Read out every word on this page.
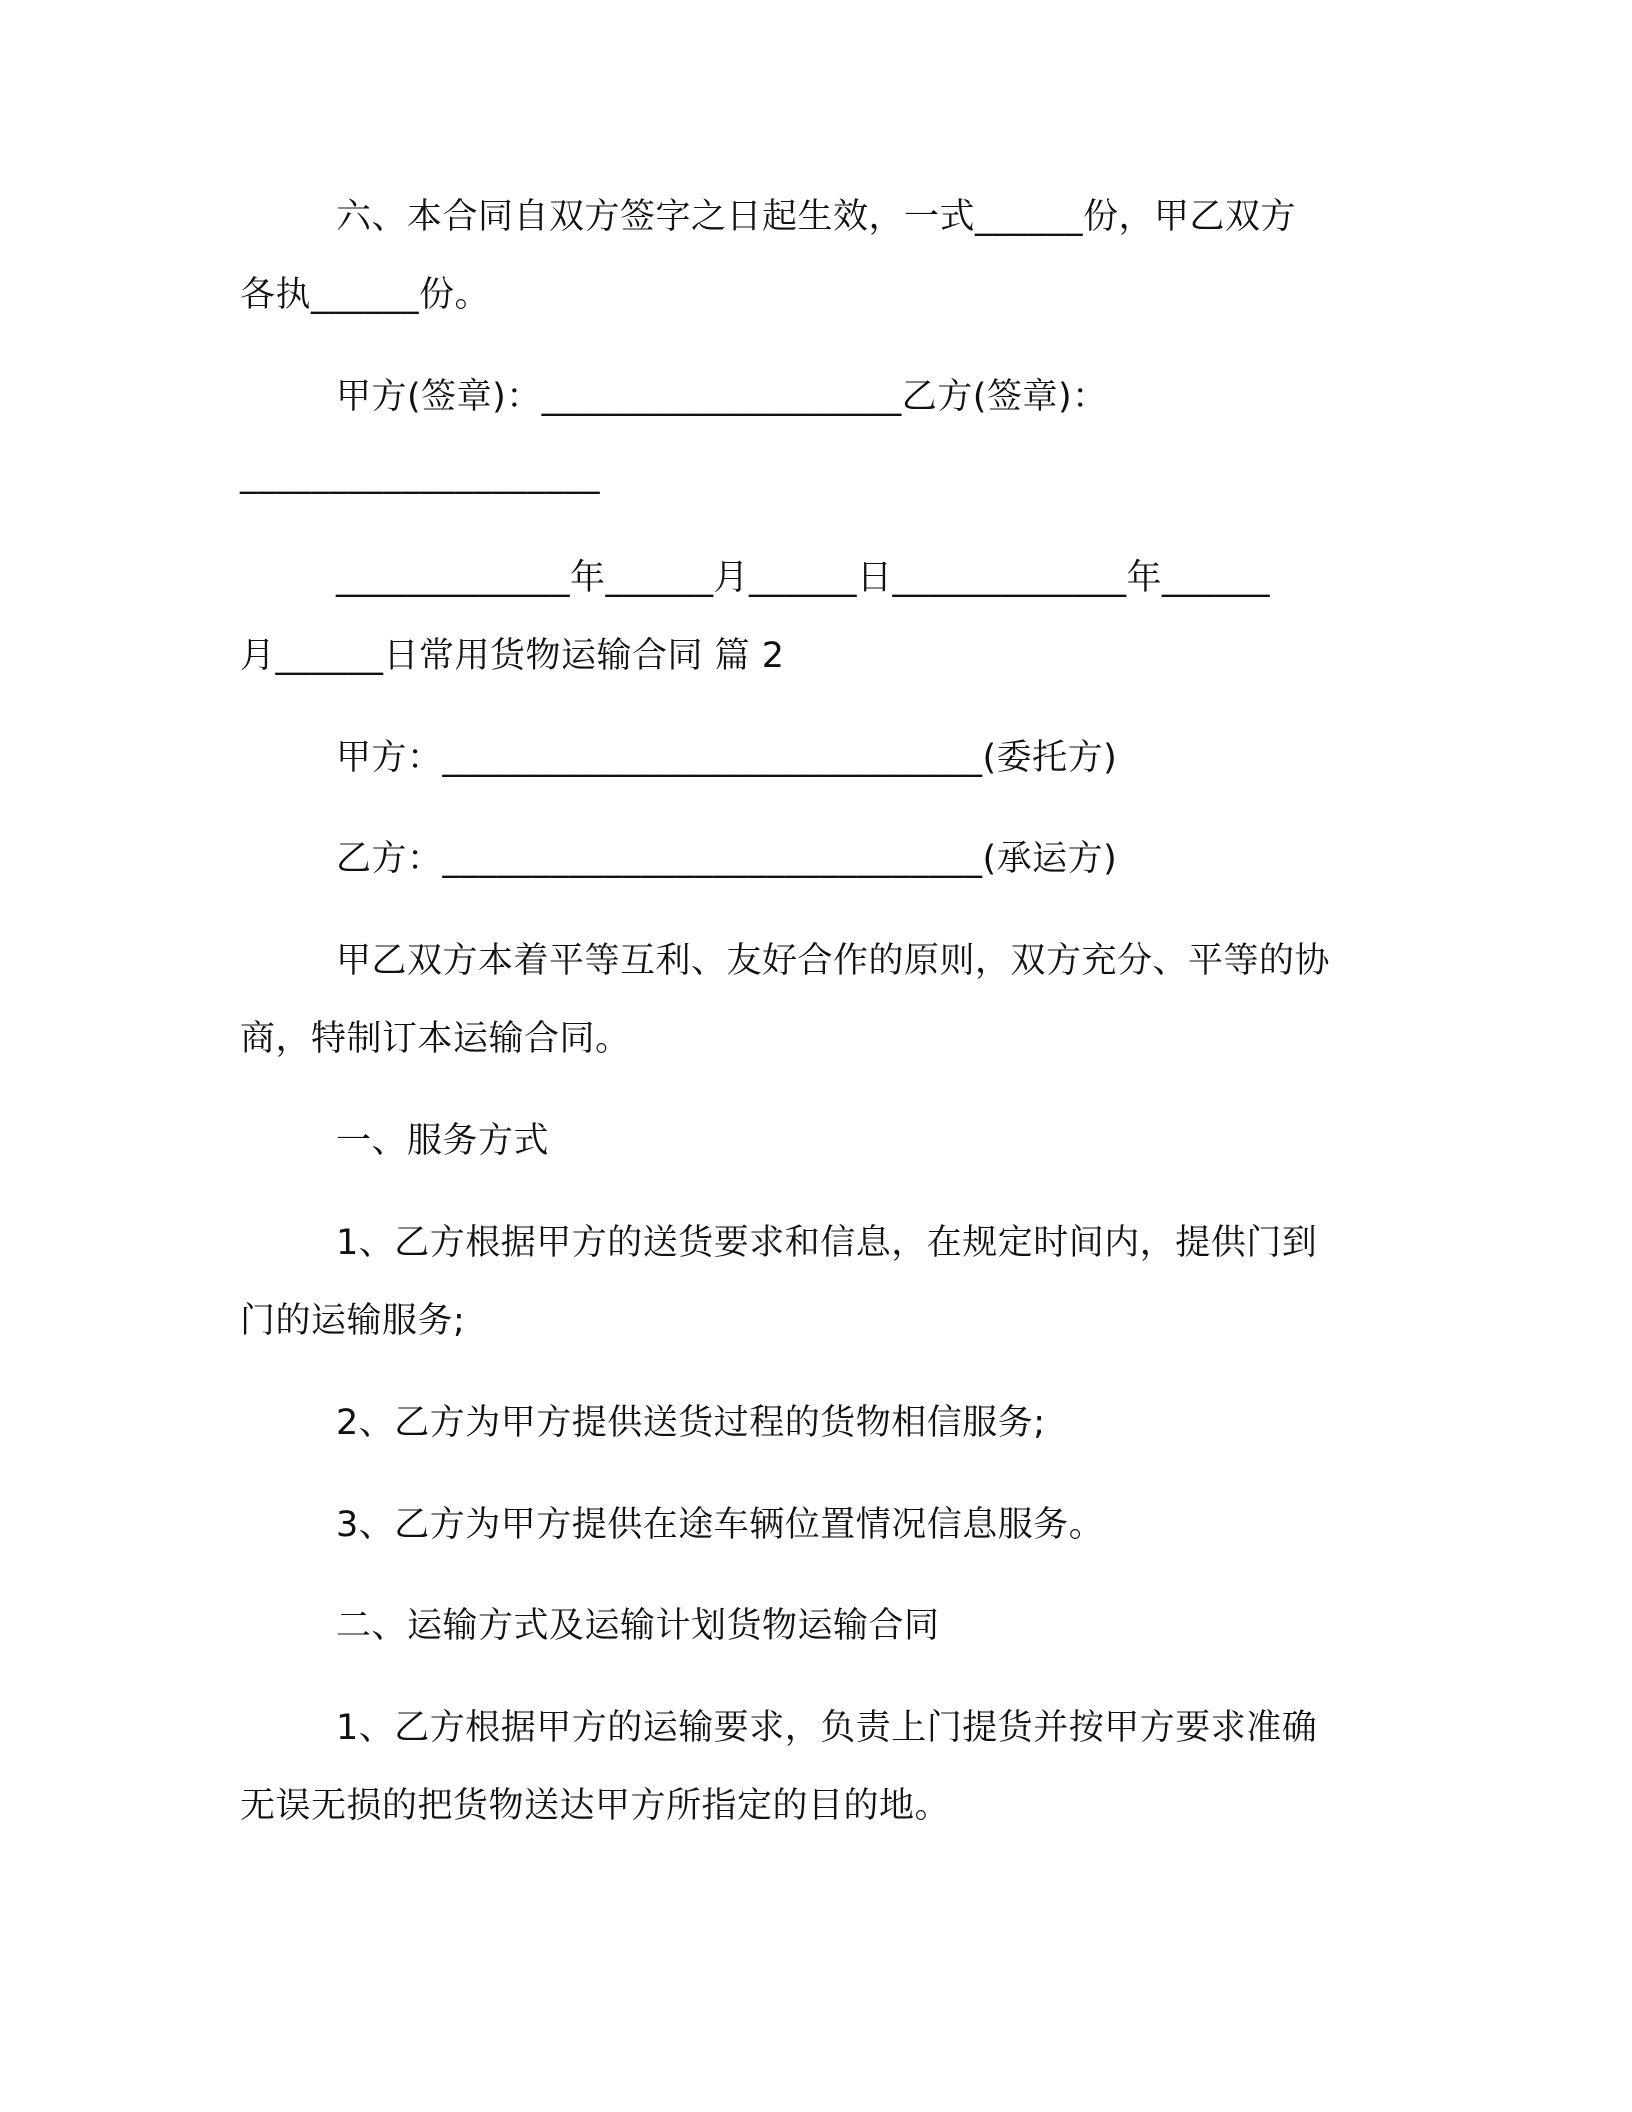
六、本合同自双方签字之日起生效，一式______份，甲乙双方
各执______份。

甲方(签章)：____________________乙方(签章)：
____________________

_____________年______月______日_____________年______
月______日常用货物运输合同 篇 2

甲方：______________________________(委托方)

乙方：______________________________(承运方)

甲乙双方本着平等互利、友好合作的原则，双方充分、平等的协
商，特制订本运输合同。

一、服务方式

1、乙方根据甲方的送货要求和信息，在规定时间内，提供门到
门的运输服务;

2、乙方为甲方提供送货过程的货物相信服务;

3、乙方为甲方提供在途车辆位置情况信息服务。

二、运输方式及运输计划货物运输合同

1、乙方根据甲方的运输要求，负责上门提货并按甲方要求准确
无误无损的把货物送达甲方所指定的目的地。
